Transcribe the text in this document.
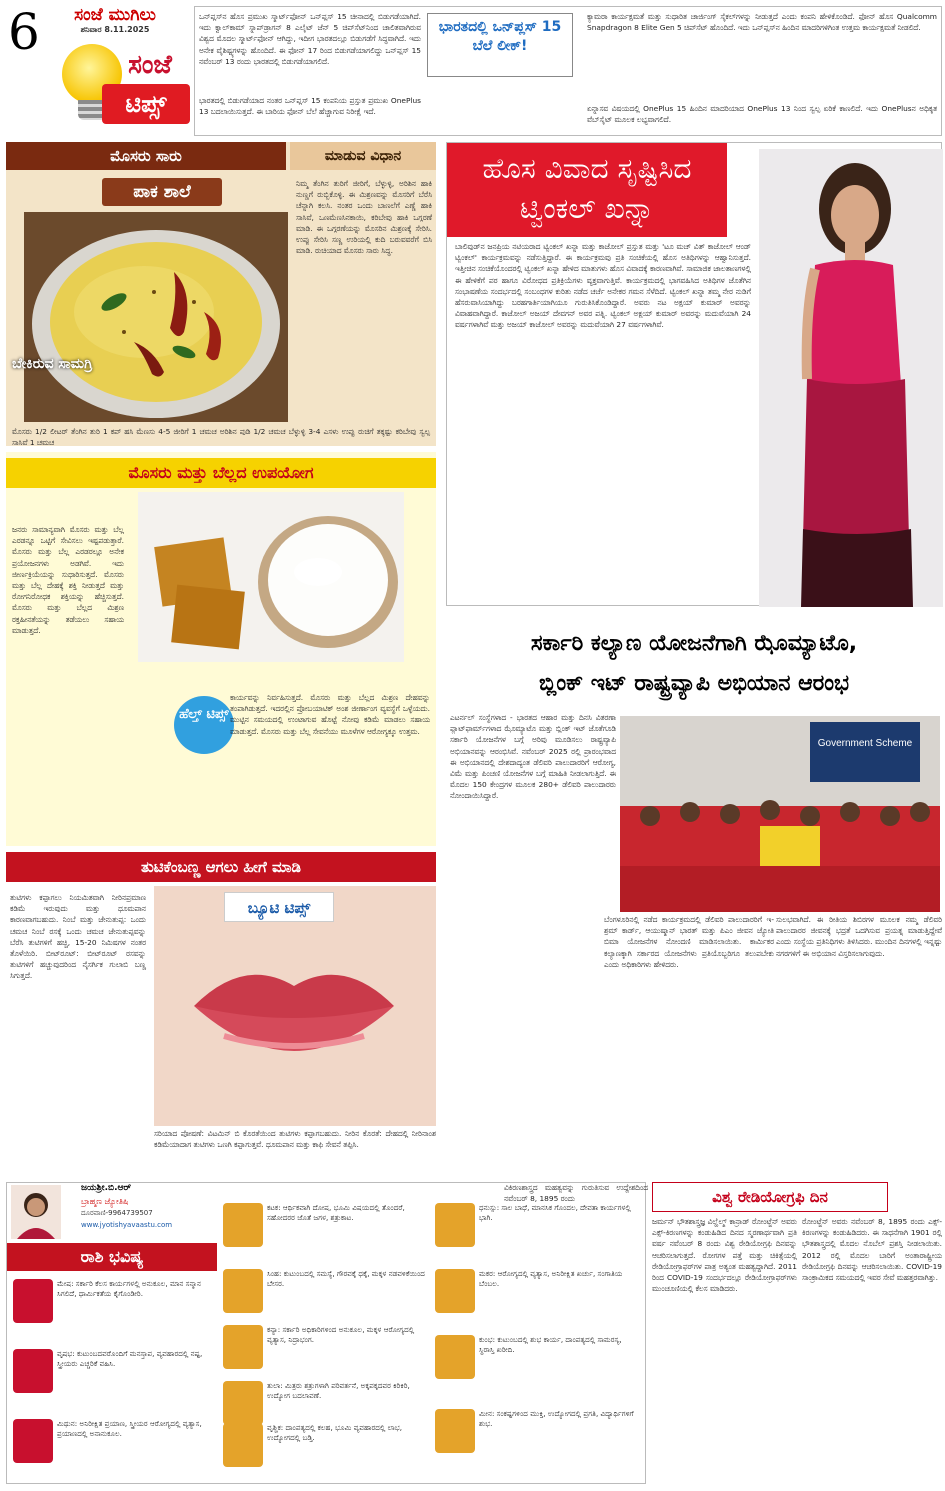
6	ಸಂಜೆ ಮುಗಿಲು
ಶನಿವಾರ 8.11.2025
ಸಂಜೆ
ಟಿಪ್ಸ್
ಒನ್‌ಪ್ಲಸ್‌ನ ಹೊಸ ಪ್ರಮುಖ ಸ್ಮಾರ್ಟ್‌ಫೋನ್ ಒನ್‌ಪ್ಲಸ್ 15 ಚೀನಾದಲ್ಲಿ ಬಿಡುಗಡೆಯಾಗಿದೆ. ಇದು ಕ್ವಾಲ್‌ಕಾಮ್ ಸ್ನಾಪ್‌ಡ್ರಾಗನ್ 8 ಎಲೈಟ್ ಜೆನ್ 5 ಚಿಪ್‌ಸೆಟ್‌ನಿಂದ ಚಾಲಿತವಾಗಿರುವ ವಿಶ್ವದ ಮೊದಲ ಸ್ಮಾರ್ಟ್‌ಫೋನ್ ಆಗಿದ್ದು, ಇದೀಗ ಭಾರತದಲ್ಲೂ ಬಿಡುಗಡೆಗೆ ಸಿದ್ಧವಾಗಿದೆ. ಇದು ಅನೇಕ ವೈಶಿಷ್ಟ್ಯಗಳನ್ನು ಹೊಂದಿದೆ. ಈ ಫೋನ್ 17 ರಿಂದ ಬಿಡುಗಡೆಯಾಗಲಿದ್ದು ಒನ್‌ಪ್ಲಸ್ 15 ನವೆಂಬರ್ 13 ರಂದು ಭಾರತದಲ್ಲಿ ಬಿಡುಗಡೆಯಾಗಲಿದೆ.
ಭಾರತದಲ್ಲಿ ಒನ್‌ಪ್ಲಸ್ 15 ಬೆಲೆ ಲೀಕ್!
ಕ್ಯಾಮರಾ ಕಾರ್ಯಕ್ಷಮತೆ ಮತ್ತು ಸುಧಾರಿತ ಚಾರ್ಜಿಂಗ್ ಸೈಕಲ್‌ಗಳನ್ನು ನೀಡುತ್ತದೆ ಎಂದು ಕಂಪನಿ ಹೇಳಿಕೊಂಡಿದೆ. ಫೋನ್ ಹೊಸ Qualcomm Snapdragon 8 Elite Gen 5 ಚಿಪ್‌ಸೆಟ್ ಹೊಂದಿದೆ. ಇದು ಒನ್‌ಪ್ಲಸ್‌ನ ಹಿಂದಿನ ಮಾದರಿಗಳಿಗಿಂತ ಉತ್ತಮ ಕಾರ್ಯಕ್ಷಮತೆ ನೀಡಲಿದೆ.
ಭಾರತದಲ್ಲಿ ಬಿಡುಗಡೆಯಾದ ನಂತರ ಒನ್‌ಪ್ಲಸ್ 15 ಕಂಪನಿಯ ಪ್ರಸ್ತುತ ಪ್ರಮುಖ OnePlus 13 ಬದಲಾಯಿಸುತ್ತದೆ. ಈ ಬಾರಿಯ ಫೋನ್ ಬೆಲೆ ಹೆಚ್ಚಾಗುವ ನಿರೀಕ್ಷೆ ಇದೆ.	ಏನ್ನಾಸವ ವಿಷಯದಲ್ಲಿ OnePlus 15 ಹಿಂದಿನ ಮಾದರಿಯಾದ OnePlus 13 ನಿಂದ ಸ್ವಲ್ಪ ಏರಿಕೆ ಕಾಣಲಿದೆ. ಇದು OnePlusನ ಅಧಿಕೃತ ವೆಬ್‌ಸೈಟ್ ಮೂಲಕ ಲಭ್ಯವಾಗಲಿದೆ.
ಮೊಸರು ಸಾರು	ಮಾಡುವ ವಿಧಾನ
ಪಾಕ ಶಾಲೆ
ಬೇಕಿರುವ ಸಾಮಗ್ರಿ
ನಿಮ್ಮ ತೆಂಗಿನ ತುರಿಗೆ ಜೀರಿಗೆ, ಬೆಳ್ಳುಳ್ಳಿ, ಅರಿಶಿನ ಹಾಕಿ ನುಣ್ಣಗೆ ರುಬ್ಬಿಕೊಳ್ಳಿ. ಈ ಮಿಶ್ರಣವನ್ನು ಮೊಸರಿಗೆ ಬೆರೆಸಿ ಚೆನ್ನಾಗಿ ಕಲಸಿ. ನಂತರ ಒಂದು ಬಾಣಲೆಗೆ ಎಣ್ಣೆ ಹಾಕಿ ಸಾಸಿವೆ, ಒಣಮೆಣಸಿನಕಾಯಿ, ಕರಿಬೇವು ಹಾಕಿ ಒಗ್ಗರಣೆ ಮಾಡಿ. ಈ ಒಗ್ಗರಣೆಯನ್ನು ಮೊಸರಿನ ಮಿಶ್ರಣಕ್ಕೆ ಸೇರಿಸಿ. ಉಪ್ಪು ಸೇರಿಸಿ ಸಣ್ಣ ಉರಿಯಲ್ಲಿ ಕುದಿ ಬರುವವರೆಗೆ ಬಿಸಿ ಮಾಡಿ. ರುಚಿಯಾದ ಮೊಸರು ಸಾರು ಸಿದ್ಧ.
ಮೊಸರು 1/2 ಲೀಟರ್ ತೆಂಗಿನ ತುರಿ 1 ಕಪ್ ಹಸಿ ಮೆಣಸು 4-5 ಜೀರಿಗೆ 1 ಚಮಚ ಅರಿಶಿನ ಪುಡಿ 1/2 ಚಮಚ ಬೆಳ್ಳುಳ್ಳಿ 3-4 ಎಸಳು ಉಪ್ಪು ರುಚಿಗೆ ತಕ್ಕಷ್ಟು ಕರಿಬೇವು ಸ್ವಲ್ಪ ಸಾಸಿವೆ 1 ಚಮಚ
ಹೊಸ ವಿವಾದ ಸೃಷ್ಟಿಸಿದ
ಟ್ವಿಂಕಲ್ ಖನ್ನಾ
ಬಾಲಿವುಡ್‌ನ ಜನಪ್ರಿಯ ನಟಿಯರಾದ ಟ್ವಿಂಕಲ್ ಖನ್ನಾ ಮತ್ತು ಕಾಜೋಲ್ ಪ್ರಸ್ತುತ ಮತ್ತು 'ಟೂ ಮಚ್ ವಿತ್ ಕಾಜೋಲ್ ಆಂಡ್ ಟ್ವಿಂಕಲ್' ಕಾರ್ಯಕ್ರಮವನ್ನು ನಡೆಸುತ್ತಿದ್ದಾರೆ. ಈ ಕಾರ್ಯಕ್ರಮವು ಪ್ರತಿ ಸಂಚಿಕೆಯಲ್ಲಿ ಹೊಸ ಅತಿಥಿಗಳನ್ನು ಆಹ್ವಾನಿಸುತ್ತದೆ. ಇತ್ತೀಚಿನ ಸಂಚಿಕೆಯೊಂದರಲ್ಲಿ ಟ್ವಿಂಕಲ್ ಖನ್ನಾ ಹೇಳಿದ ಮಾತುಗಳು ಹೊಸ ವಿವಾದಕ್ಕೆ ಕಾರಣವಾಗಿವೆ. ಸಾಮಾಜಿಕ ಜಾಲತಾಣಗಳಲ್ಲಿ ಈ ಹೇಳಿಕೆಗೆ ಪರ ಹಾಗೂ ವಿರೋಧದ ಪ್ರತಿಕ್ರಿಯೆಗಳು ವ್ಯಕ್ತವಾಗುತ್ತಿವೆ. ಕಾರ್ಯಕ್ರಮದಲ್ಲಿ ಭಾಗವಹಿಸಿದ ಅತಿಥಿಗಳ ಜೊತೆಗಿನ ಸಂಭಾಷಣೆಯ ಸಂದರ್ಭದಲ್ಲಿ ಸಂಬಂಧಗಳ ಕುರಿತು ನಡೆದ ಚರ್ಚೆ ಅನೇಕರ ಗಮನ ಸೆಳೆದಿದೆ. ಟ್ವಿಂಕಲ್ ಖನ್ನಾ ತಮ್ಮ ನೇರ ನುಡಿಗೆ ಹೆಸರುವಾಸಿಯಾಗಿದ್ದು ಬರಹಗಾರ್ತಿಯಾಗಿಯೂ ಗುರುತಿಸಿಕೊಂಡಿದ್ದಾರೆ. ಅವರು ನಟ ಅಕ್ಷಯ್ ಕುಮಾರ್ ಅವರನ್ನು ವಿವಾಹವಾಗಿದ್ದಾರೆ. ಕಾಜೋಲ್ ಅಜಯ್ ದೇವಗನ್ ಅವರ ಪತ್ನಿ. ಟ್ವಿಂಕಲ್ ಅಕ್ಷಯ್ ಕುಮಾರ್ ಅವರನ್ನು ಮದುವೆಯಾಗಿ 24 ವರ್ಷಗಳಾಗಿವೆ ಮತ್ತು ಅಜಯ್ ಕಾಜೋಲ್ ಅವರನ್ನು ಮದುವೆಯಾಗಿ 27 ವರ್ಷಗಳಾಗಿವೆ.
ಮೊಸರು ಮತ್ತು ಬೆಲ್ಲದ ಉಪಯೋಗ
ಜನರು ಸಾಮಾನ್ಯವಾಗಿ ಮೊಸರು ಮತ್ತು ಬೆಲ್ಲ ಎರಡನ್ನೂ ಒಟ್ಟಿಗೆ ಸೇವಿಸಲು ಇಷ್ಟಪಡುತ್ತಾರೆ. ಮೊಸರು ಮತ್ತು ಬೆಲ್ಲ ಎರಡರಲ್ಲೂ ಅನೇಕ ಪ್ರಯೋಜನಗಳು ಅಡಗಿವೆ. ಇದು ಜೀರ್ಣಕ್ರಿಯೆಯನ್ನು ಸುಧಾರಿಸುತ್ತದೆ. ಮೊಸರು ಮತ್ತು ಬೆಲ್ಲ ದೇಹಕ್ಕೆ ಶಕ್ತಿ ನೀಡುತ್ತದೆ ಮತ್ತು ರೋಗನಿರೋಧಕ ಶಕ್ತಿಯನ್ನು ಹೆಚ್ಚಿಸುತ್ತದೆ. ಮೊಸರು ಮತ್ತು ಬೆಲ್ಲದ ಮಿಶ್ರಣ ರಕ್ತಹೀನತೆಯನ್ನು ತಡೆಯಲು ಸಹಾಯ ಮಾಡುತ್ತದೆ.
ಹೆಲ್ತ್ ಟಿಪ್ಸ್
ಕಾರ್ಯವನ್ನು ನಿರ್ವಹಿಸುತ್ತದೆ. ಮೊಸರು ಮತ್ತು ಬೆಲ್ಲದ ಮಿಶ್ರಣ ದೇಹವನ್ನು ತಂಪಾಗಿಡುತ್ತದೆ. ಇದರಲ್ಲಿನ ಪ್ರೋಬಯಾಟಿಕ್ ಅಂಶ ಜೀರ್ಣಾಂಗ ವ್ಯವಸ್ಥೆಗೆ ಒಳ್ಳೆಯದು. ಮುಟ್ಟಿನ ಸಮಯದಲ್ಲಿ ಉಂಟಾಗುವ ಹೊಟ್ಟೆ ನೋವು ಕಡಿಮೆ ಮಾಡಲು ಸಹಾಯ ಮಾಡುತ್ತದೆ. ಮೊಸರು ಮತ್ತು ಬೆಲ್ಲ ಸೇವನೆಯು ಮೂಳೆಗಳ ಆರೋಗ್ಯಕ್ಕೂ ಉತ್ತಮ.
ಸರ್ಕಾರಿ ಕಲ್ಯಾಣ ಯೋಜನೆಗಾಗಿ ಝೊಮ್ಯಾಟೊ,
ಬ್ಲಿಂಕ್ ಇಟ್ ರಾಷ್ಟ್ರವ್ಯಾಪಿ ಅಭಿಯಾನ ಆರಂಭ
ಎಟರ್ನಲ್ ಸಂಸ್ಥೆಗಳಾದ - ಭಾರತದ ಆಹಾರ ಮತ್ತು ದಿನಸಿ ವಿತರಣಾ ಪ್ಲಾಟ್‌ಫಾರ್ಮ್‌ಗಳಾದ ಝೊಮ್ಯಾಟೊ ಮತ್ತು ಬ್ಲಿಂಕ್ ಇಟ್ ಜೊತೆಗೂಡಿ ಸರ್ಕಾರಿ ಯೋಜನೆಗಳ ಬಗ್ಗೆ ಅರಿವು ಮೂಡಿಸಲು ರಾಷ್ಟ್ರವ್ಯಾಪಿ ಅಭಿಯಾನವನ್ನು ಆರಂಭಿಸಿವೆ. ನವೆಂಬರ್ 2025 ರಲ್ಲಿ ಪ್ರಾರಂಭವಾದ ಈ ಅಭಿಯಾನದಲ್ಲಿ ದೇಶದಾದ್ಯಂತ ಡೆಲಿವರಿ ಪಾಲುದಾರರಿಗೆ ಆರೋಗ್ಯ, ವಿಮೆ ಮತ್ತು ಪಿಂಚಣಿ ಯೋಜನೆಗಳ ಬಗ್ಗೆ ಮಾಹಿತಿ ನೀಡಲಾಗುತ್ತಿದೆ. ಈ ಮೊದಲ 150 ಕೇಂದ್ರಗಳ ಮೂಲಕ 280+ ಡೆಲಿವರಿ ಪಾಲುದಾರರು ನೋಂದಾಯಿಸಿದ್ದಾರೆ.
Government Scheme
ಬೆಂಗಳೂರಿನಲ್ಲಿ ನಡೆದ ಕಾರ್ಯಕ್ರಮದಲ್ಲಿ ಡೆಲಿವರಿ ಪಾಲುದಾರರಿಗೆ ಇ-ಶ್ರಮ್ ಕಾರ್ಡ್, ಆಯುಷ್ಮಾನ್ ಭಾರತ್ ಮತ್ತು ಪಿಎಂ ಜೀವನ ಜ್ಯೋತಿ ಬಿಮಾ ಯೋಜನೆಗಳ ನೋಂದಣಿ ಮಾಡಿಸಲಾಯಿತು. ಕಾರ್ಮಿಕರ ಕಲ್ಯಾಣಕ್ಕಾಗಿ ಸರ್ಕಾರದ ಯೋಜನೆಗಳು ಪ್ರತಿಯೊಬ್ಬರಿಗೂ ತಲುಪಬೇಕು ಎಂದು ಅಧಿಕಾರಿಗಳು ಹೇಳಿದರು.
ಸುಲಭವಾಗಿದೆ. ಈ ರೀತಿಯ ಶಿಬಿರಗಳ ಮೂಲಕ ನಮ್ಮ ಡೆಲಿವರಿ ಪಾಲುದಾರರ ಜೀವನಕ್ಕೆ ಭದ್ರತೆ ಒದಗಿಸುವ ಪ್ರಯತ್ನ ಮಾಡುತ್ತಿದ್ದೇವೆ ಎಂದು ಸಂಸ್ಥೆಯ ಪ್ರತಿನಿಧಿಗಳು ತಿಳಿಸಿದರು. ಮುಂದಿನ ದಿನಗಳಲ್ಲಿ ಇನ್ನಷ್ಟು ನಗರಗಳಿಗೆ ಈ ಅಭಿಯಾನ ವಿಸ್ತರಿಸಲಾಗುವುದು.
ತುಟಿಕೆಂಬಣ್ಣ ಆಗಲು ಹೀಗೆ ಮಾಡಿ
ತುಟಿಗಳು ಕಪ್ಪಾಗಲು ನಿಯಮಿತವಾಗಿ ನೀರಿನಪ್ರಮಾಣ ಕಡಿಮೆ ಇರುವುದು ಮತ್ತು ಧೂಮಪಾನ ಕಾರಣವಾಗಬಹುದು. ನಿಂಬೆ ಮತ್ತು ಜೇನುತುಪ್ಪ: ಒಂದು ಚಮಚ ನಿಂಬೆ ರಸಕ್ಕೆ ಒಂದು ಚಮಚ ಜೇನುತುಪ್ಪವನ್ನು ಬೆರೆಸಿ ತುಟಿಗಳಿಗೆ ಹಚ್ಚಿ, 15-20 ನಿಮಿಷಗಳ ನಂತರ ತೊಳೆಯಿರಿ. ಬೀಟ್‌ರೂಟ್: ಬೀಟ್‌ರೂಟ್ ರಸವನ್ನು ತುಟಿಗಳಿಗೆ ಹಚ್ಚುವುದರಿಂದ ನೈಸರ್ಗಿಕ ಗುಲಾಬಿ ಬಣ್ಣ ಸಿಗುತ್ತದೆ.
ಬ್ಯೂಟಿ ಟಿಪ್ಸ್
ಸರಿಯಾದ ಪೋಷಣೆ: ವಿಟಮಿನ್ ಬಿ ಕೊರತೆಯಿಂದ ತುಟಿಗಳು ಕಪ್ಪಾಗಬಹುದು. ನೀರಿನ ಕೊರತೆ: ದೇಹದಲ್ಲಿ ನೀರಿನಾಂಶ ಕಡಿಮೆಯಾದಾಗ ತುಟಿಗಳು ಒಣಗಿ ಕಪ್ಪಾಗುತ್ತವೆ. ಧೂಮಪಾನ ಮತ್ತು ಕಾಫಿ ಸೇವನೆ ತಪ್ಪಿಸಿ.
ಜಯಶ್ರೀ.ಬಿ.ಆರ್
ಬ್ರಾಹ್ಮಣ ಜ್ಯೋತಿಷಿ
ದೂರವಾಣಿ-9964739507
www.jyotishyavaastu.com
ರಾಶಿ ಭವಿಷ್ಯ
ಮೇಷ
ಮೇಷ: ಸರ್ಕಾರಿ ಕೆಲಸ ಕಾರ್ಯಗಳಲ್ಲಿ ಅನುಕೂಲ, ಮಾನ ಸನ್ಮಾನ ಸಿಗಲಿದೆ, ಧಾರ್ಮಿಕತೆಯ ಕೈಗೊಂಡೀರಿ.
ವೃಷಭ
ವೃಷಭ: ಕುಟುಂಬದವರೊಂದಿಗೆ ಮನಸ್ತಾಪ, ವ್ಯವಹಾರದಲ್ಲಿ ನಷ್ಟ, ಸ್ತ್ರೀಯರು ಎಚ್ಚರಿಕೆ ವಹಿಸಿ.
ಮಿಥುನ
ಮಿಥುನ: ಅನಿರೀಕ್ಷಿತ ಪ್ರಯಾಣ, ಸ್ತ್ರೀಯರ ಆರೋಗ್ಯದಲ್ಲಿ ವ್ಯತ್ಯಾಸ, ಪ್ರಯಾಣದಲ್ಲಿ ಅನಾನುಕೂಲ.
ಕಟಕ
ಕಟಕ: ಆರ್ಥಿಕವಾಗಿ ದೋಷ, ಭೂಮಿ ವಿಷಯದಲ್ಲಿ ತೊಂದರೆ, ಸಹೋದರರ ಜೊತೆ ಜಗಳ, ಶತ್ರುಕಾಟ.
ಸಿಂಹ
ಸಿಂಹ: ಕುಟುಂಬದಲ್ಲಿ ಸಮಸ್ಯೆ, ಗೌರವಕ್ಕೆ ಧಕ್ಕೆ, ಮಕ್ಕಳ ನಡವಳಿಕೆಯಿಂದ ಬೇಸರ.
ಕನ್ಯಾ
ಕನ್ಯಾ: ಸರ್ಕಾರಿ ಅಧಿಕಾರಿಗಳಿಂದ ಅನುಕೂಲ, ಮಕ್ಕಳ ಆರೋಗ್ಯದಲ್ಲಿ ವ್ಯತ್ಯಾಸ, ನಿದ್ರಾಭಂಗ.
ತುಲಾ: ಮಿತ್ರರು ಶತ್ರುಗಳಾಗಿ ಪರಿವರ್ತನೆ, ಅಕ್ಕಪಕ್ಕದವರ ಕಿರಿಕಿರಿ, ಉದ್ಯೋಗ ಬದಲಾವಣೆ.
ವೃಶ್ಚಿಕ
ವೃಶ್ಚಿಕ: ದಾಂಪತ್ಯದಲ್ಲಿ ಕಲಹ, ಭೂಮಿ ವ್ಯವಹಾರದಲ್ಲಿ ಲಾಭ, ಉದ್ಯೋಗದಲ್ಲಿ ಬಡ್ತಿ.
ಧನುಸ್ಸು
ಧನುಸ್ಸು: ಸಾಲ ಬಾಧೆ, ಮಾನಸಿಕ ಗೊಂದಲ, ದೇವತಾ ಕಾರ್ಯಗಳಲ್ಲಿ ಭಾಗಿ.
ಮಕರ
ಮಕರ: ಆರೋಗ್ಯದಲ್ಲಿ ವ್ಯತ್ಯಾಸ, ಅನಿರೀಕ್ಷಿತ ಖರ್ಚು, ಸಂಗಾತಿಯ ಬೆಂಬಲ.
ಕುಂಭ
ಕುಂಭ: ಕುಟುಂಬದಲ್ಲಿ ಶುಭ ಕಾರ್ಯ, ದಾಂಪತ್ಯದಲ್ಲಿ ಸಾಮರಸ್ಯ, ಸ್ಥಿರಾಸ್ತಿ ಖರೀದಿ.
ಮೀನ
ಮೀನ: ಸಂಕಷ್ಟಗಳಿಂದ ಮುಕ್ತಿ, ಉದ್ಯೋಗದಲ್ಲಿ ಪ್ರಗತಿ, ವಿದ್ಯಾರ್ಥಿಗಳಿಗೆ ಶುಭ.
ವಿಕಿರಣಶಾಸ್ತ್ರದ ಮಹತ್ವವನ್ನು ಗುರುತಿಸುವ ಉದ್ದೇಶದಿಂದ ನವೆಂಬರ್ 8, 1895 ರಂದು	ವಿಶ್ವ ರೇಡಿಯೋಗ್ರಫಿ ದಿನ
ಜರ್ಮನ್ ಭೌತಶಾಸ್ತ್ರಜ್ಞ ವಿಲ್ಹೆಲ್ಮ್ ಕಾನ್ರಾಡ್ ರೋಂಟ್ಜೆನ್ ಅವರು ಎಕ್ಸ್-ಕಿರಣಗಳನ್ನು ಕಂಡುಹಿಡಿದ ದಿನದ ಸ್ಮರಣಾರ್ಥವಾಗಿ ಪ್ರತಿ ವರ್ಷ ನವೆಂಬರ್ 8 ರಂದು ವಿಶ್ವ ರೇಡಿಯೋಗ್ರಫಿ ದಿನವನ್ನು ಆಚರಿಸಲಾಗುತ್ತದೆ. ರೋಗಗಳ ಪತ್ತೆ ಮತ್ತು ಚಿಕಿತ್ಸೆಯಲ್ಲಿ ರೇಡಿಯೋಗ್ರಾಫರ್‌ಗಳ ಪಾತ್ರ ಅತ್ಯಂತ ಮಹತ್ವದ್ದಾಗಿದೆ. 2011 ರಿಂದ COVID-19 ಸಂದರ್ಭದಲ್ಲೂ ರೇಡಿಯೋಗ್ರಾಫರ್‌ಗಳು ಮುಂಚೂಣಿಯಲ್ಲಿ ಕೆಲಸ ಮಾಡಿದರು.
ರೋಂಟ್ಜೆನ್ ಅವರು ನವೆಂಬರ್ 8, 1895 ರಂದು ಎಕ್ಸ್-ಕಿರಣಗಳನ್ನು ಕಂಡುಹಿಡಿದರು. ಈ ಸಾಧನೆಗಾಗಿ 1901 ರಲ್ಲಿ ಭೌತಶಾಸ್ತ್ರದಲ್ಲಿ ಮೊದಲ ನೊಬೆಲ್ ಪ್ರಶಸ್ತಿ ನೀಡಲಾಯಿತು. 2012 ರಲ್ಲಿ ಮೊದಲ ಬಾರಿಗೆ ಅಂತಾರಾಷ್ಟ್ರೀಯ ರೇಡಿಯೋಗ್ರಫಿ ದಿನವನ್ನು ಆಚರಿಸಲಾಯಿತು. COVID-19 ಸಾಂಕ್ರಾಮಿಕದ ಸಮಯದಲ್ಲಿ ಇವರ ಸೇವೆ ಮಹತ್ತರವಾಗಿತ್ತು.
